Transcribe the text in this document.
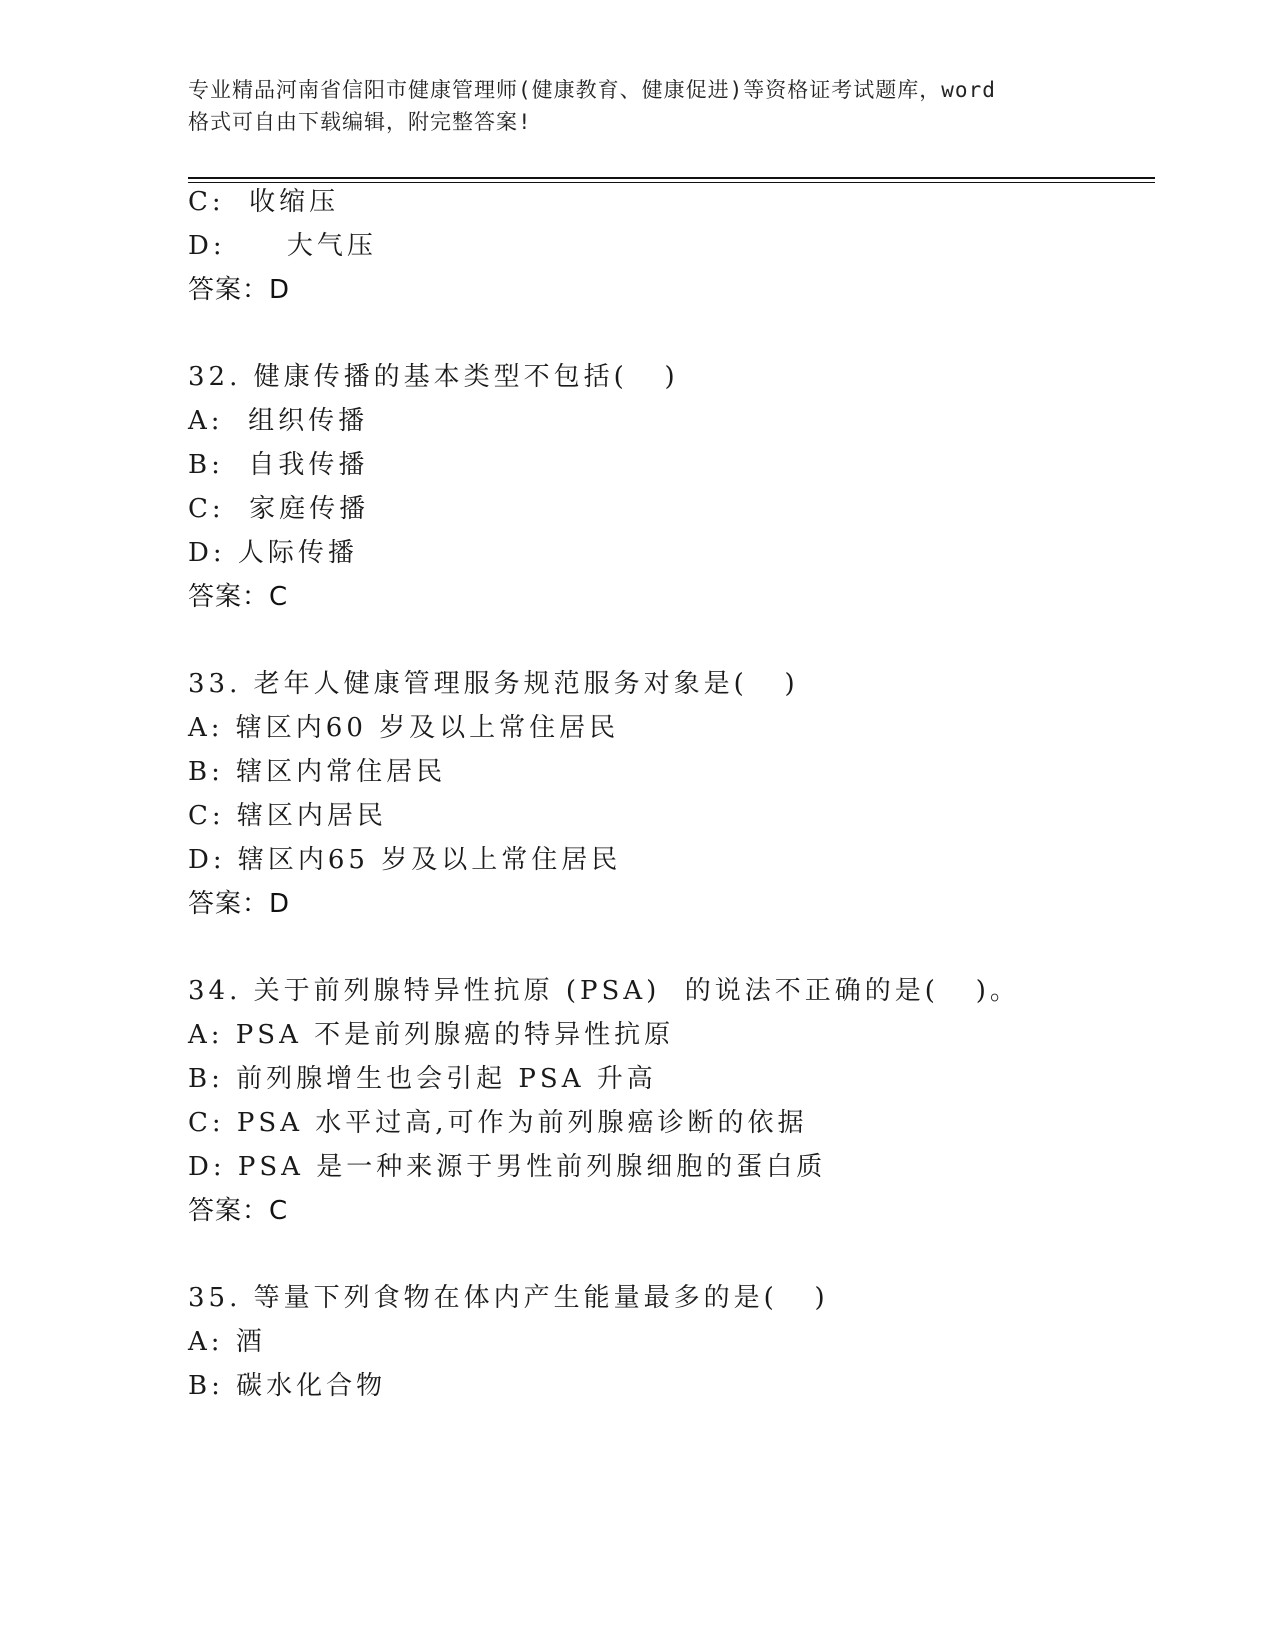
专业精品河南省信阳市健康管理师(健康教育、健康促进)等资格证考试题库，word
格式可自由下载编辑，附完整答案!
C:  收缩压
D:     大气压
答案：D
32. 健康传播的基本类型不包括(   )
A:  组织传播
B:  自我传播
C:  家庭传播
D: 人际传播
答案：C
33. 老年人健康管理服务规范服务对象是(   )
A: 辖区内60 岁及以上常住居民
B: 辖区内常住居民
C: 辖区内居民
D: 辖区内65 岁及以上常住居民
答案：D
34. 关于前列腺特异性抗原 (PSA)  的说法不正确的是(   )。
A: PSA 不是前列腺癌的特异性抗原
B: 前列腺增生也会引起 PSA 升高
C: PSA 水平过高,可作为前列腺癌诊断的依据
D: PSA 是一种来源于男性前列腺细胞的蛋白质
答案：C
35. 等量下列食物在体内产生能量最多的是(   )
A: 酒
B: 碳水化合物
